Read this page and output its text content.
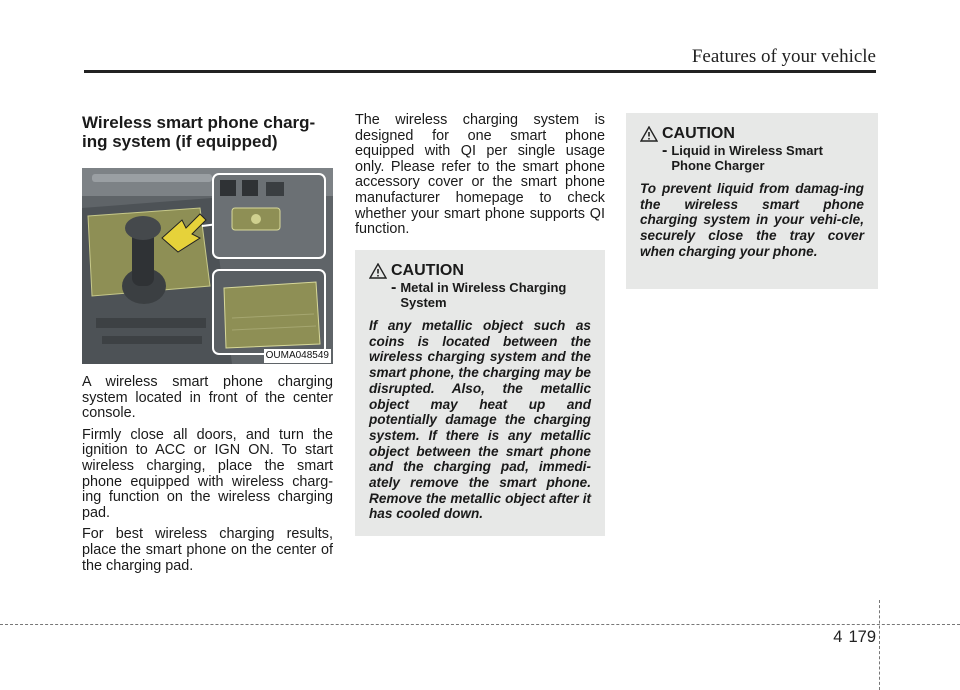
Features of your vehicle
Wireless smart phone charg-
ing system (if equipped)
OUMA048549

A wireless smart phone charging system located in front of the center console.

Firmly close all doors, and turn the ignition to ACC or IGN ON. To start wireless charging, place the smart phone equipped with wireless charg-ing function on the wireless charging pad.

For best wireless charging results, place the smart phone on the center of the charging pad.

The wireless charging system is designed for one smart phone equipped with QI per single usage only. Please refer to the smart phone accessory cover or the smart phone manufacturer homepage to check whether your smart phone supports QI function.

CAUTION
- Metal in Wireless Charging System

If any metallic object such as coins is located between the wireless charging system and the smart phone, the charging may be disrupted. Also, the metallic object may heat up and potentially damage the charging system. If there is any metallic object between the smart phone and the charging pad, immedi-ately remove the smart phone. Remove the metallic object after it has cooled down.

CAUTION
- Liquid in Wireless Smart Phone Charger

To prevent liquid from damag-ing the wireless smart phone charging system in your vehi-cle, securely close the tray cover when charging your phone.

4 179
